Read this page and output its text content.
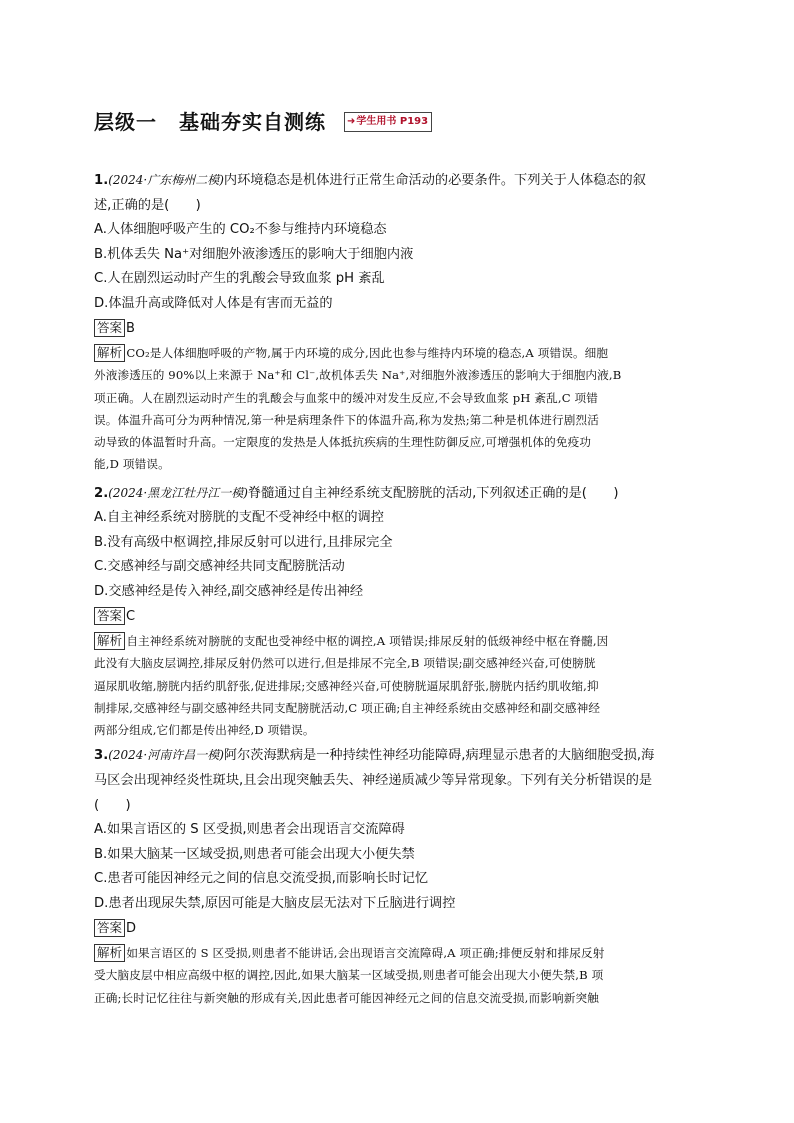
层级一 基础夯实自测练 ➜ 学生用书 P193
1.(2024·广东梅州二模)内环境稳态是机体进行正常生命活动的必要条件。下列关于人体稳态的叙
述,正确的是(　　)
A.人体细胞呼吸产生的 CO₂不参与维持内环境稳态
B.机体丢失 Na⁺对细胞外液渗透压的影响大于细胞内液
C.人在剧烈运动时产生的乳酸会导致血浆 pH 紊乱
D.体温升高或降低对人体是有害而无益的
答案 B
解析 CO₂是人体细胞呼吸的产物,属于内环境的成分,因此也参与维持内环境的稳态,A 项错误。细胞
外液渗透压的 90%以上来源于 Na⁺和 Cl⁻,故机体丢失 Na⁺,对细胞外液渗透压的影响大于细胞内液,B
项正确。人在剧烈运动时产生的乳酸会与血浆中的缓冲对发生反应,不会导致血浆 pH 紊乱,C 项错
误。体温升高可分为两种情况,第一种是病理条件下的体温升高,称为发热;第二种是机体进行剧烈活
动导致的体温暂时升高。一定限度的发热是人体抵抗疾病的生理性防御反应,可增强机体的免疫功
能,D 项错误。
2.(2024·黑龙江牡丹江一模)脊髓通过自主神经系统支配膀胱的活动,下列叙述正确的是(　　)
A.自主神经系统对膀胱的支配不受神经中枢的调控
B.没有高级中枢调控,排尿反射可以进行,且排尿完全
C.交感神经与副交感神经共同支配膀胱活动
D.交感神经是传入神经,副交感神经是传出神经
答案 C
解析 自主神经系统对膀胱的支配也受神经中枢的调控,A 项错误;排尿反射的低级神经中枢在脊髓,因
此没有大脑皮层调控,排尿反射仍然可以进行,但是排尿不完全,B 项错误;副交感神经兴奋,可使膀胱
逼尿肌收缩,膀胱内括约肌舒张,促进排尿;交感神经兴奋,可使膀胱逼尿肌舒张,膀胱内括约肌收缩,抑
制排尿,交感神经与副交感神经共同支配膀胱活动,C 项正确;自主神经系统由交感神经和副交感神经
两部分组成,它们都是传出神经,D 项错误。
3.(2024·河南许昌一模)阿尔茨海默病是一种持续性神经功能障碍,病理显示患者的大脑细胞受损,海
马区会出现神经炎性斑块,且会出现突触丢失、神经递质减少等异常现象。下列有关分析错误的是
(　　)
A.如果言语区的 S 区受损,则患者会出现语言交流障碍
B.如果大脑某一区域受损,则患者可能会出现大小便失禁
C.患者可能因神经元之间的信息交流受损,而影响长时记忆
D.患者出现尿失禁,原因可能是大脑皮层无法对下丘脑进行调控
答案 D
解析 如果言语区的 S 区受损,则患者不能讲话,会出现语言交流障碍,A 项正确;排便反射和排尿反射
受大脑皮层中相应高级中枢的调控,因此,如果大脑某一区域受损,则患者可能会出现大小便失禁,B 项
正确;长时记忆往往与新突触的形成有关,因此患者可能因神经元之间的信息交流受损,而影响新突触
